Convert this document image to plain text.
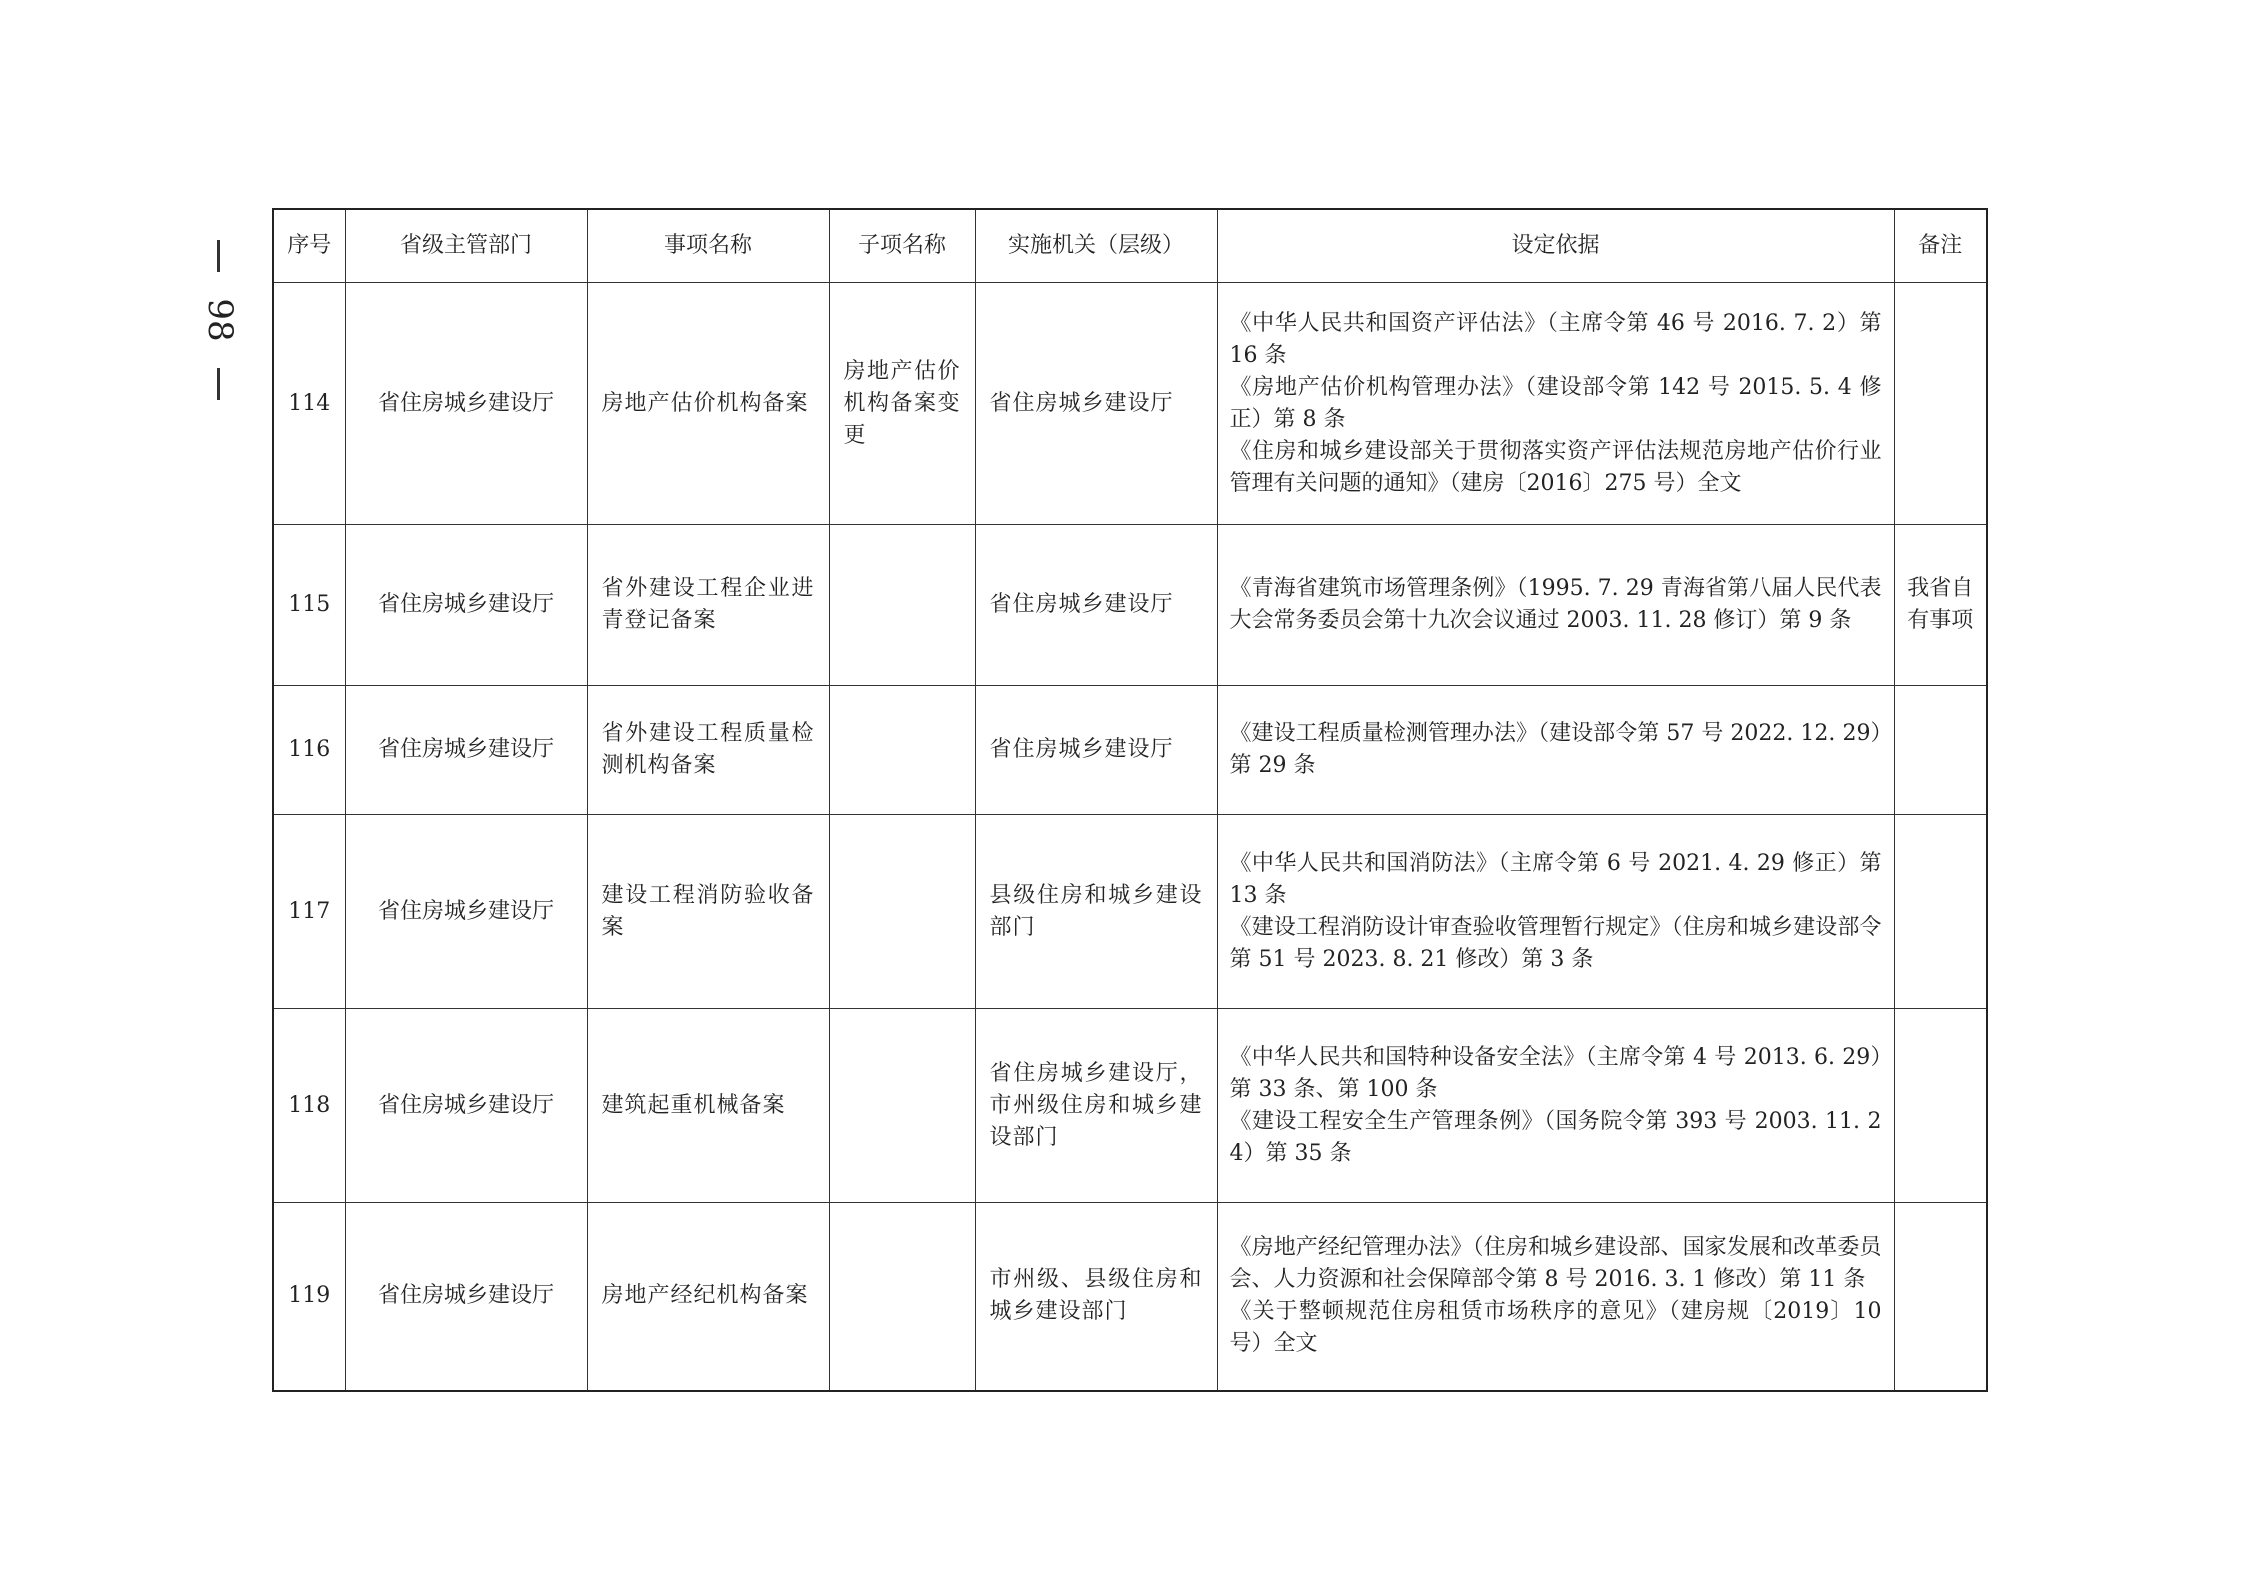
98
序号	省级主管部门	事项名称	子项名称	实施机关（层级）	设定依据	备注
114	省住房城乡建设厅	房地产估价机构备案	房地产估价机构备案变更	省住房城乡建设厅	《中华人民共和国资产评估法》（主席令第 46 号 2016. 7. 2）第 16 条
《房地产估价机构管理办法》（建设部令第 142 号 2015. 5. 4 修正）第 8 条
《住房和城乡建设部关于贯彻落实资产评估法规范房地产估价行业管理有关问题的通知》（建房〔2016〕275 号）全文	

115	省住房城乡建设厅	省外建设工程企业进青登记备案		省住房城乡建设厅	《青海省建筑市场管理条例》（1995. 7. 29 青海省第八届人民代表大会常务委员会第十九次会议通过 2003. 11. 28 修订）第 9 条	我省自有事项
116	省住房城乡建设厅	省外建设工程质量检测机构备案		省住房城乡建设厅	《建设工程质量检测管理办法》（建设部令第 57 号 2022. 12. 29）第 29 条	

117	省住房城乡建设厅	建设工程消防验收备案		县级住房和城乡建设部门	《中华人民共和国消防法》（主席令第 6 号 2021. 4. 29 修正）第 13 条
《建设工程消防设计审查验收管理暂行规定》（住房和城乡建设部令第 51 号 2023. 8. 21 修改）第 3 条	

118	省住房城乡建设厅	建筑起重机械备案		省住房城乡建设厅，市州级住房和城乡建设部门	《中华人民共和国特种设备安全法》（主席令第 4 号 2013. 6. 29）第 33 条、第 100 条
《建设工程安全生产管理条例》（国务院令第 393 号 2003. 11. 24）第 35 条	

119	省住房城乡建设厅	房地产经纪机构备案		市州级、县级住房和城乡建设部门	《房地产经纪管理办法》（住房和城乡建设部、国家发展和改革委员会、人力资源和社会保障部令第 8 号 2016. 3. 1 修改）第 11 条
《关于整顿规范住房租赁市场秩序的意见》（建房规〔2019〕10 号）全文	
